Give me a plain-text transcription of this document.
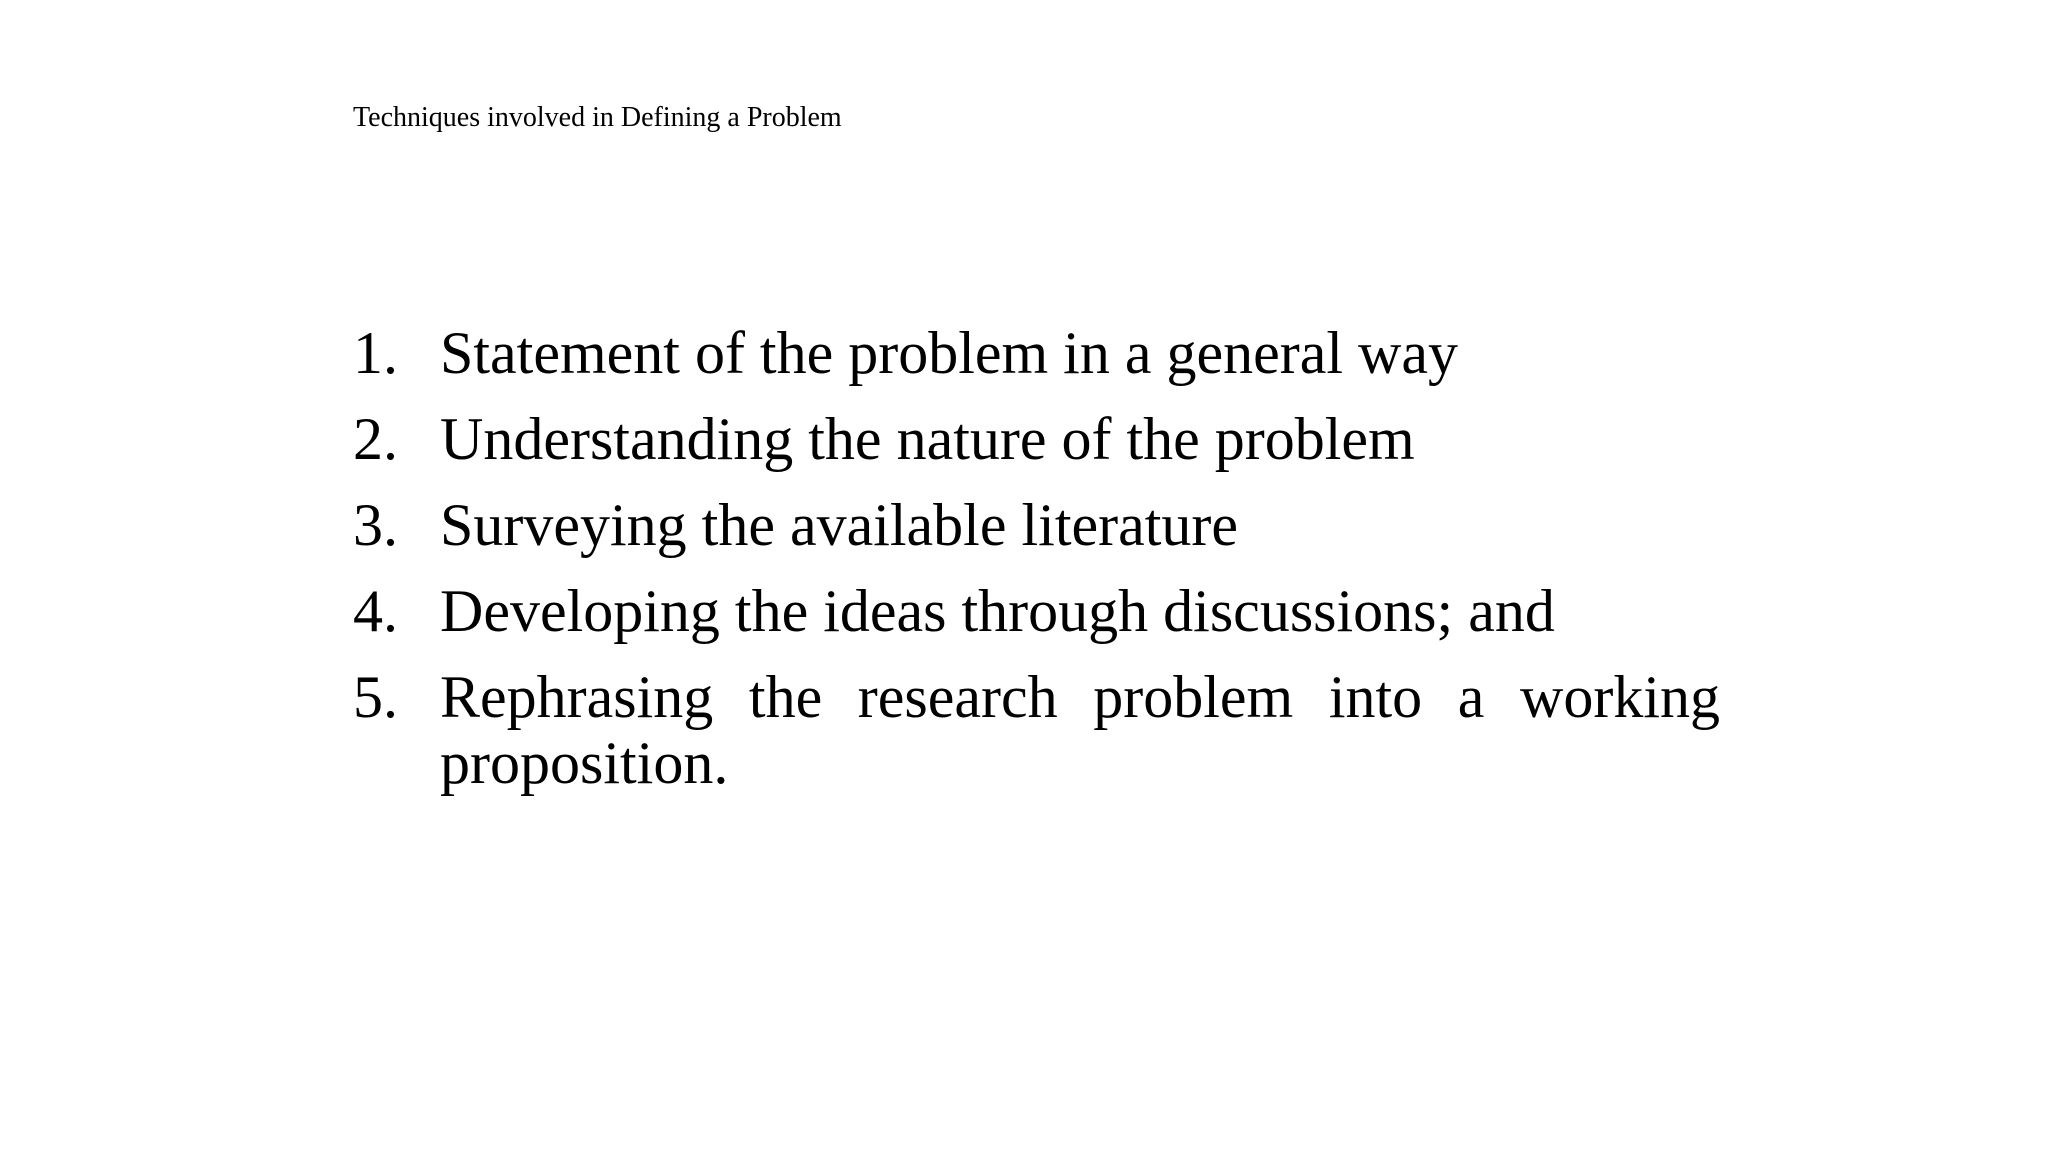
Techniques involved in Defining a Problem
1. Statement of the problem in a general way
2. Understanding the nature of the problem
3. Surveying the available literature
4. Developing the ideas through discussions; and
5. Rephrasing the research problem into a working proposition.
